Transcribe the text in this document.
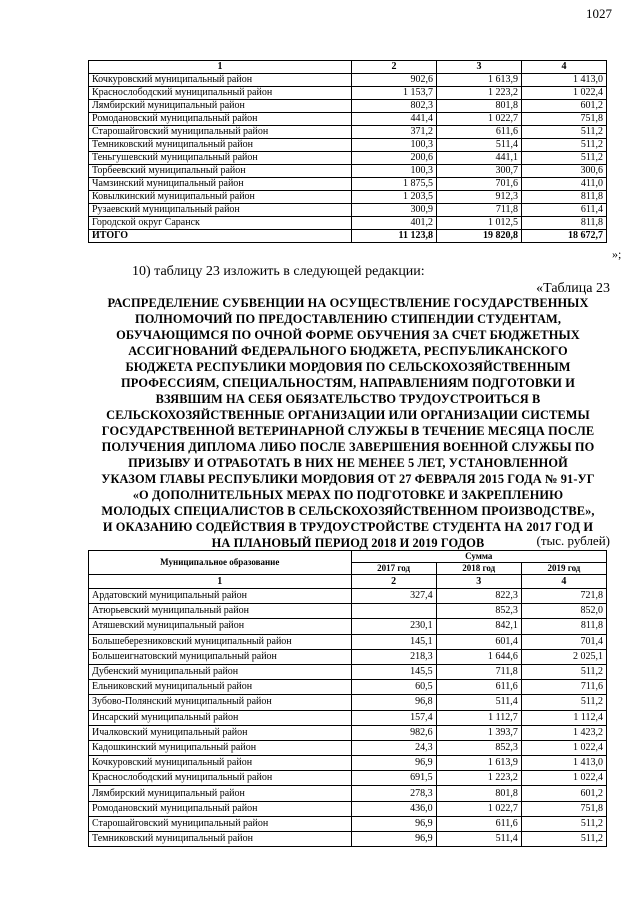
1027
1	2	3	4
Кочкуровский муниципальный район	902,6	1 613,9	1 413,0
Краснослободский муниципальный район	1 153,7	1 223,2	1 022,4
Лямбирский муниципальный район	802,3	801,8	601,2
Ромодановский муниципальный район	441,4	1 022,7	751,8
Старошайговский муниципальный район	371,2	611,6	511,2
Темниковский муниципальный район	100,3	511,4	511,2
Теньгушевский муниципальный район	200,6	441,1	511,2
Торбеевский муниципальный район	100,3	300,7	300,6
Чамзинский муниципальный район	1 875,5	701,6	411,0
Ковылкинский муниципальный район	1 203,5	912,3	811,8
Рузаевский муниципальный район	300,9	711,8	611,4
Городской округ Саранск	401,2	1 012,5	811,8
ИТОГО	11 123,8	19 820,8	18 672,7
»;
10) таблицу 23 изложить в следующей редакции:
«Таблица 23
РАСПРЕДЕЛЕНИЕ СУБВЕНЦИИ НА ОСУЩЕСТВЛЕНИЕ ГОСУДАРСТВЕННЫХ
ПОЛНОМОЧИЙ ПО ПРЕДОСТАВЛЕНИЮ СТИПЕНДИИ СТУДЕНТАМ,
ОБУЧАЮЩИМСЯ ПО ОЧНОЙ ФОРМЕ ОБУЧЕНИЯ ЗА СЧЕТ БЮДЖЕТНЫХ
АССИГНОВАНИЙ ФЕДЕРАЛЬНОГО БЮДЖЕТА, РЕСПУБЛИКАНСКОГО
БЮДЖЕТА РЕСПУБЛИКИ МОРДОВИЯ ПО СЕЛЬСКОХОЗЯЙСТВЕННЫМ
ПРОФЕССИЯМ, СПЕЦИАЛЬНОСТЯМ, НАПРАВЛЕНИЯМ ПОДГОТОВКИ И
ВЗЯВШИМ НА СЕБЯ ОБЯЗАТЕЛЬСТВО ТРУДОУСТРОИТЬСЯ В
СЕЛЬСКОХОЗЯЙСТВЕННЫЕ ОРГАНИЗАЦИИ ИЛИ ОРГАНИЗАЦИИ СИСТЕМЫ
ГОСУДАРСТВЕННОЙ ВЕТЕРИНАРНОЙ СЛУЖБЫ В ТЕЧЕНИЕ МЕСЯЦА ПОСЛЕ
ПОЛУЧЕНИЯ ДИПЛОМА ЛИБО ПОСЛЕ ЗАВЕРШЕНИЯ ВОЕННОЙ СЛУЖБЫ ПО
ПРИЗЫВУ И ОТРАБОТАТЬ В НИХ НЕ МЕНЕЕ 5 ЛЕТ, УСТАНОВЛЕННОЙ
УКАЗОМ ГЛАВЫ РЕСПУБЛИКИ МОРДОВИЯ ОТ 27 ФЕВРАЛЯ 2015 ГОДА № 91-УГ
«О ДОПОЛНИТЕЛЬНЫХ МЕРАХ ПО ПОДГОТОВКЕ И ЗАКРЕПЛЕНИЮ
МОЛОДЫХ СПЕЦИАЛИСТОВ В СЕЛЬСКОХОЗЯЙСТВЕННОМ ПРОИЗВОДСТВЕ»,
И ОКАЗАНИЮ СОДЕЙСТВИЯ В ТРУДОУСТРОЙСТВЕ СТУДЕНТА НА 2017 ГОД И
НА ПЛАНОВЫЙ ПЕРИОД 2018 И 2019 ГОДОВ	(тыс. рублей)
Муниципальное образование	Сумма		
	2017 год	2018 год	2019 год
1	2	3	4
Ардатовский муниципальный район	327,4	822,3	721,8
Атюрьевский муниципальный район		852,3	852,0
Атяшевский муниципальный район	230,1	842,1	811,8
Большеберезниковский муниципальный район	145,1	601,4	701,4
Большеигнатовский муниципальный район	218,3	1 644,6	2 025,1
Дубенский муниципальный район	145,5	711,8	511,2
Ельниковский муниципальный район	60,5	611,6	711,6
Зубово-Полянский муниципальный район	96,8	511,4	511,2
Инсарский муниципальный район	157,4	1 112,7	1 112,4
Ичалковский муниципальный район	982,6	1 393,7	1 423,2
Кадошкинский муниципальный район	24,3	852,3	1 022,4
Кочкуровский муниципальный район	96,9	1 613,9	1 413,0
Краснослободский муниципальный район	691,5	1 223,2	1 022,4
Лямбирский муниципальный район	278,3	801,8	601,2
Ромодановский муниципальный район	436,0	1 022,7	751,8
Старошайговский муниципальный район	96,9	611,6	511,2
Темниковский муниципальный район	96,9	511,4	511,2
